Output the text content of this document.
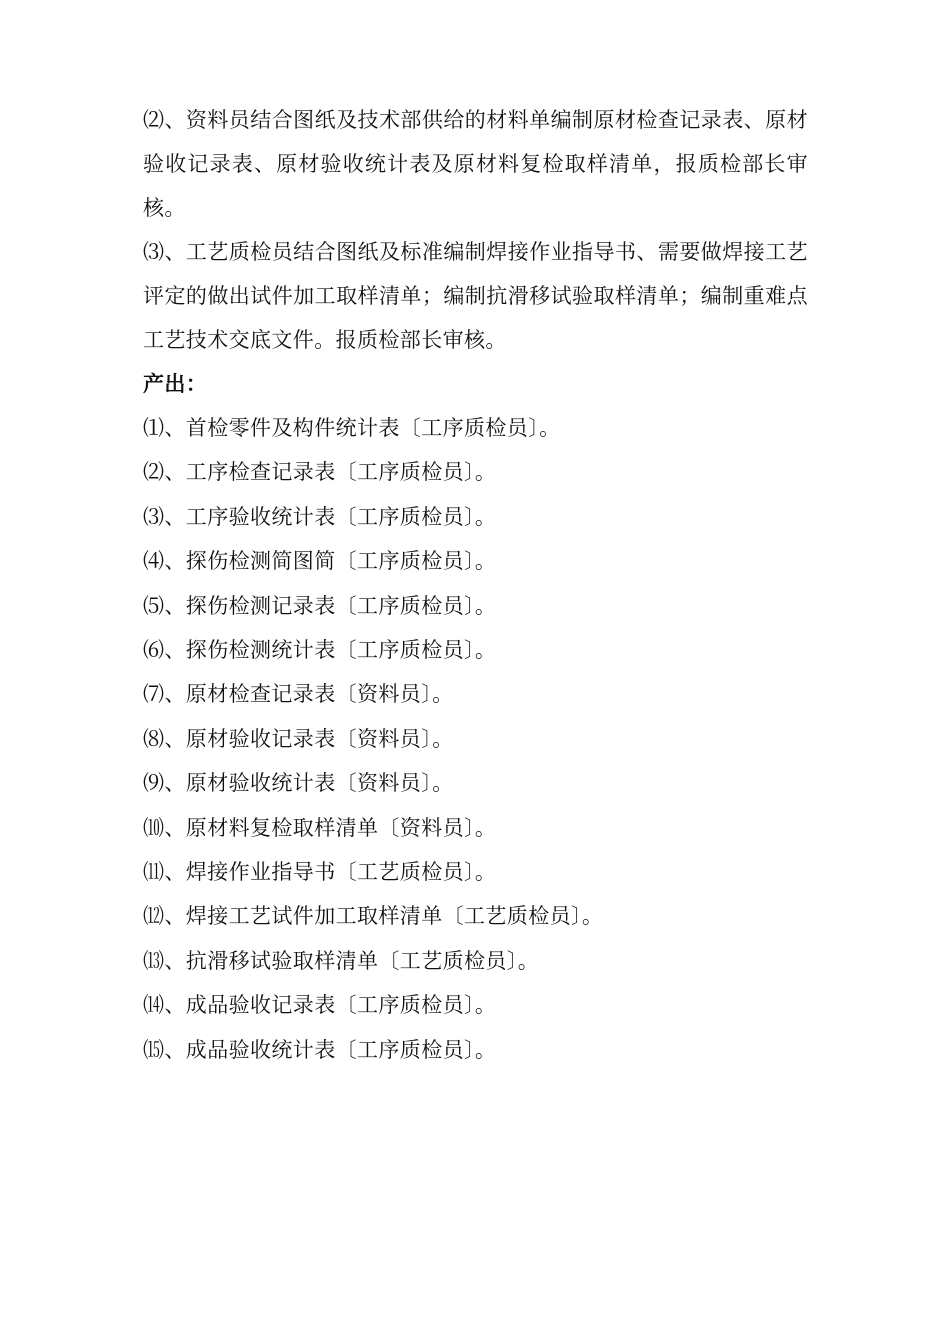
⑵、资料员结合图纸及技术部供给的材料单编制原材检查记录表、原材验收记录表、原材验收统计表及原材料复检取样清单，报质检部长审核。

⑶、工艺质检员结合图纸及标准编制焊接作业指导书、需要做焊接工艺评定的做出试件加工取样清单；编制抗滑移试验取样清单；编制重难点工艺技术交底文件。报质检部长审核。

产出：

⑴、首检零件及构件统计表〔工序质检员〕。
⑵、工序检查记录表〔工序质检员〕。
⑶、工序验收统计表〔工序质检员〕。
⑷、探伤检测简图简〔工序质检员〕。
⑸、探伤检测记录表〔工序质检员〕。
⑹、探伤检测统计表〔工序质检员〕。
⑺、原材检查记录表〔资料员〕。
⑻、原材验收记录表〔资料员〕。
⑼、原材验收统计表〔资料员〕。
⑽、原材料复检取样清单〔资料员〕。
⑾、焊接作业指导书〔工艺质检员〕。
⑿、焊接工艺试件加工取样清单〔工艺质检员〕。
⒀、抗滑移试验取样清单〔工艺质检员〕。
⒁、成品验收记录表〔工序质检员〕。
⒂、成品验收统计表〔工序质检员〕。
